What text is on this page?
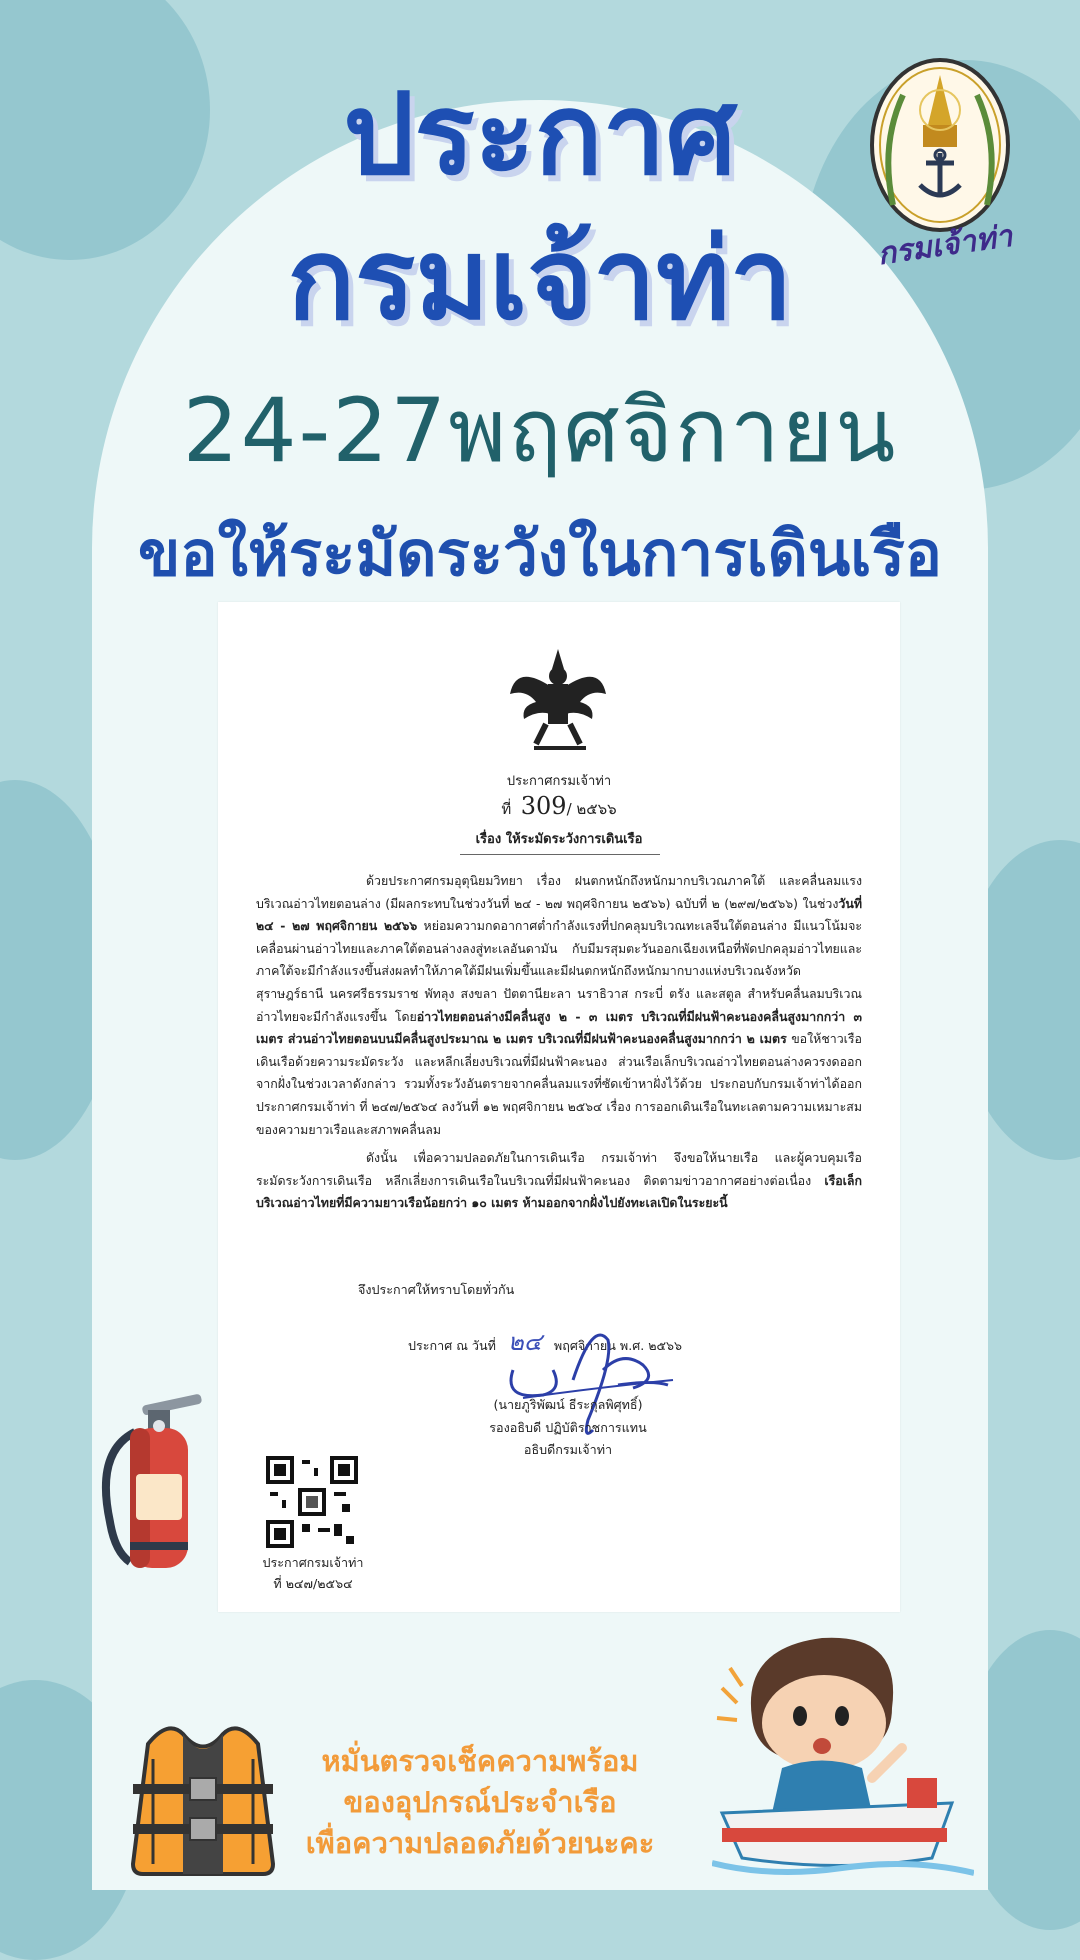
ประกาศ
กรมเจ้าท่า
24-27พฤศจิกายน
ขอให้ระมัดระวังในการเดินเรือ
กรมเจ้าท่า

ประกาศกรมเจ้าท่า

ที่ 309/ ๒๕๖๖

เรื่อง ให้ระมัดระวังการเดินเรือ

ด้วยประกาศกรมอุตุนิยมวิทยา เรื่อง ฝนตกหนักถึงหนักมากบริเวณภาคใต้ และคลื่นลมแรงบริเวณอ่าวไทยตอนล่าง (มีผลกระทบในช่วงวันที่ ๒๔ - ๒๗ พฤศจิกายน ๒๕๖๖) ฉบับที่ ๒ (๒๙๗/๒๕๖๖) ในช่วงวันที่ ๒๔ - ๒๗ พฤศจิกายน ๒๕๖๖ หย่อมความกดอากาศต่ำกำลังแรงที่ปกคลุมบริเวณทะเลจีนใต้ตอนล่าง มีแนวโน้มจะเคลื่อนผ่านอ่าวไทยและภาคใต้ตอนล่างลงสู่ทะเลอันดามัน กับมีมรสุมตะวันออกเฉียงเหนือที่พัดปกคลุมอ่าวไทยและภาคใต้จะมีกำลังแรงขึ้นส่งผลทำให้ภาคใต้มีฝนเพิ่มขึ้นและมีฝนตกหนักถึงหนักมากบางแห่งบริเวณจังหวัดสุราษฎร์ธานี นครศรีธรรมราช พัทลุง สงขลา ปัตตานียะลา นราธิวาส กระบี่ ตรัง และสตูล สำหรับคลื่นลมบริเวณอ่าวไทยจะมีกำลังแรงขึ้น โดยอ่าวไทยตอนล่างมีคลื่นสูง ๒ - ๓ เมตร บริเวณที่มีฝนฟ้าคะนองคลื่นสูงมากกว่า ๓ เมตร ส่วนอ่าวไทยตอนบนมีคลื่นสูงประมาณ ๒ เมตร บริเวณที่มีฝนฟ้าคะนองคลื่นสูงมากกว่า ๒ เมตร ขอให้ชาวเรือเดินเรือด้วยความระมัดระวัง และหลีกเลี่ยงบริเวณที่มีฝนฟ้าคะนอง ส่วนเรือเล็กบริเวณอ่าวไทยตอนล่างควรงดออกจากฝั่งในช่วงเวลาดังกล่าว รวมทั้งระวังอันตรายจากคลื่นลมแรงที่ซัดเข้าหาฝั่งไว้ด้วย ประกอบกับกรมเจ้าท่าได้ออกประกาศกรมเจ้าท่า ที่ ๒๔๗/๒๕๖๔ ลงวันที่ ๑๒ พฤศจิกายน ๒๕๖๔ เรื่อง การออกเดินเรือในทะเลตามความเหมาะสมของความยาวเรือและสภาพคลื่นลม

ดังนั้น เพื่อความปลอดภัยในการเดินเรือ กรมเจ้าท่า จึงขอให้นายเรือ และผู้ควบคุมเรือระมัดระวังการเดินเรือ หลีกเลี่ยงการเดินเรือในบริเวณที่มีฝนฟ้าคะนอง ติดตามข่าวอากาศอย่างต่อเนื่อง เรือเล็กบริเวณอ่าวไทยที่มีความยาวเรือน้อยกว่า ๑๐ เมตร ห้ามออกจากฝั่งไปยังทะเลเปิดในระยะนี้

จึงประกาศให้ทราบโดยทั่วกัน

ประกาศ ณ วันที่ ๒๔ พฤศจิกายน พ.ศ. ๒๕๖๖

(นายภูริพัฒน์ ธีระกุลพิศุทธิ์)
รองอธิบดี ปฏิบัติราชการแทน
อธิบดีกรมเจ้าท่า

ประกาศกรมเจ้าท่า
ที่ ๒๔๗/๒๕๖๔

หมั่นตรวจเช็คความพร้อม
ของอุปกรณ์ประจำเรือ
เพื่อความปลอดภัยด้วยนะคะ
